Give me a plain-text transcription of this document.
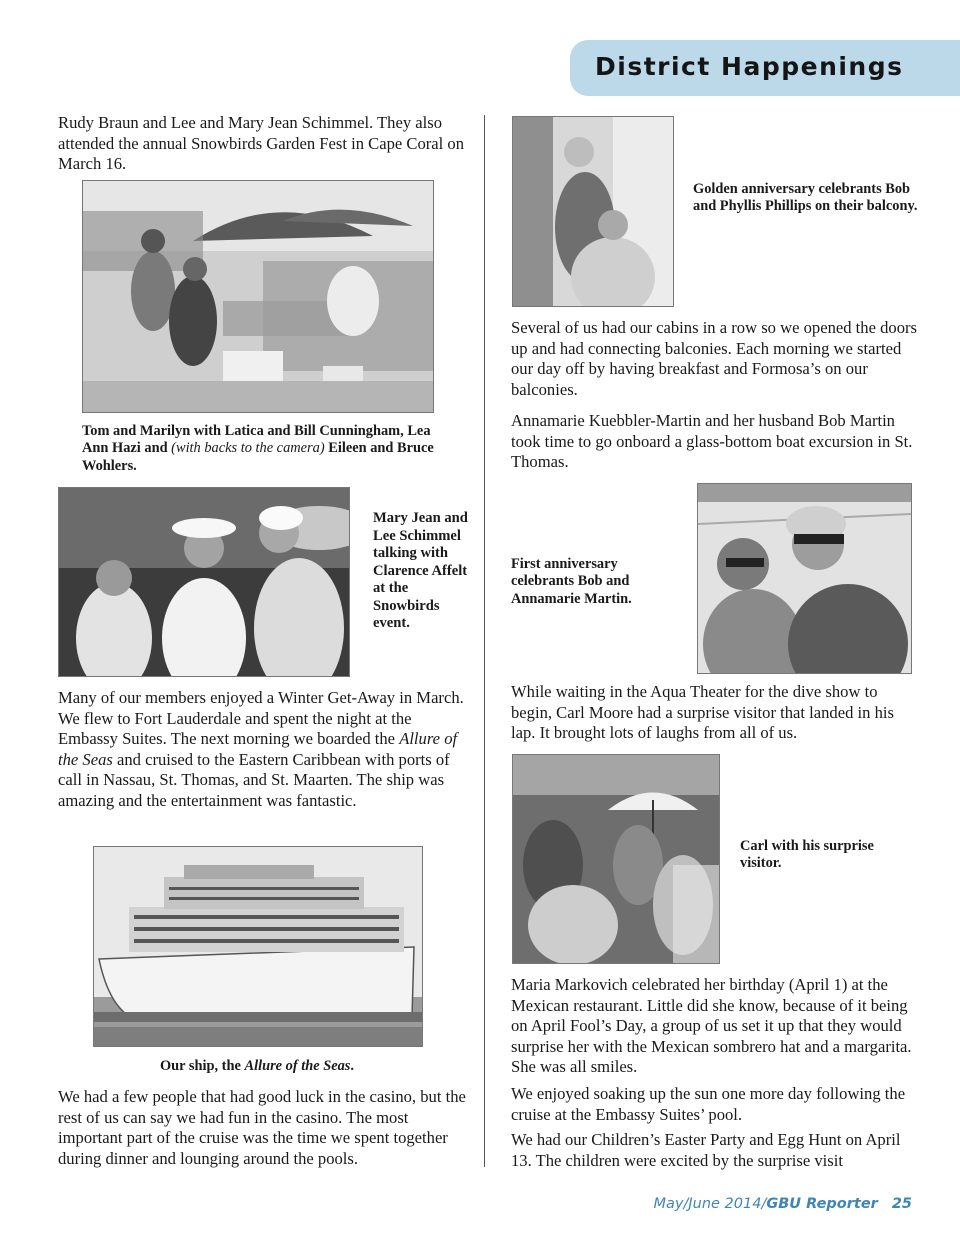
District Happenings

Rudy Braun and Lee and Mary Jean Schimmel. They also attended the annual Snowbirds Garden Fest in Cape Coral on March 16.

Tom and Marilyn with Latica and Bill Cunningham, Lea Ann Hazi and (with backs to the camera) Eileen and Bruce Wohlers.

Mary Jean and Lee Schimmel talking with Clarence Affelt at the Snowbirds event.

Many of our members enjoyed a Winter Get-Away in March. We flew to Fort Lauderdale and spent the night at the Embassy Suites. The next morning we boarded the Allure of the Seas and cruised to the Eastern Caribbean with ports of call in Nassau, St. Thomas, and St. Maarten. The ship was amazing and the entertainment was fantastic.

Our ship, the Allure of the Seas.

We had a few people that had good luck in the casino, but the rest of us can say we had fun in the casino. The most important part of the cruise was the time we spent together during dinner and lounging around the pools.

Golden anniversary celebrants Bob and Phyllis Phillips on their balcony.

Several of us had our cabins in a row so we opened the doors up and had connecting balconies. Each morning we started our day off by having breakfast and Formosa’s on our balconies.

Annamarie Kuebbler-Martin and her husband Bob Martin took time to go onboard a glass-bottom boat excursion in St. Thomas.

First anniversary celebrants Bob and Annamarie Martin.

While waiting in the Aqua Theater for the dive show to begin, Carl Moore had a surprise visitor that landed in his lap. It brought lots of laughs from all of us.

Carl with his surprise visitor.

Maria Markovich celebrated her birthday (April 1) at the Mexican restaurant. Little did she know, because of it being on April Fool’s Day, a group of us set it up that they would surprise her with the Mexican sombrero hat and a margarita. She was all smiles.

We enjoyed soaking up the sun one more day following the cruise at the Embassy Suites’ pool.

We had our Children’s Easter Party and Egg Hunt on April 13. The children were excited by the surprise visit

May/June 2014/GBU Reporter 25
